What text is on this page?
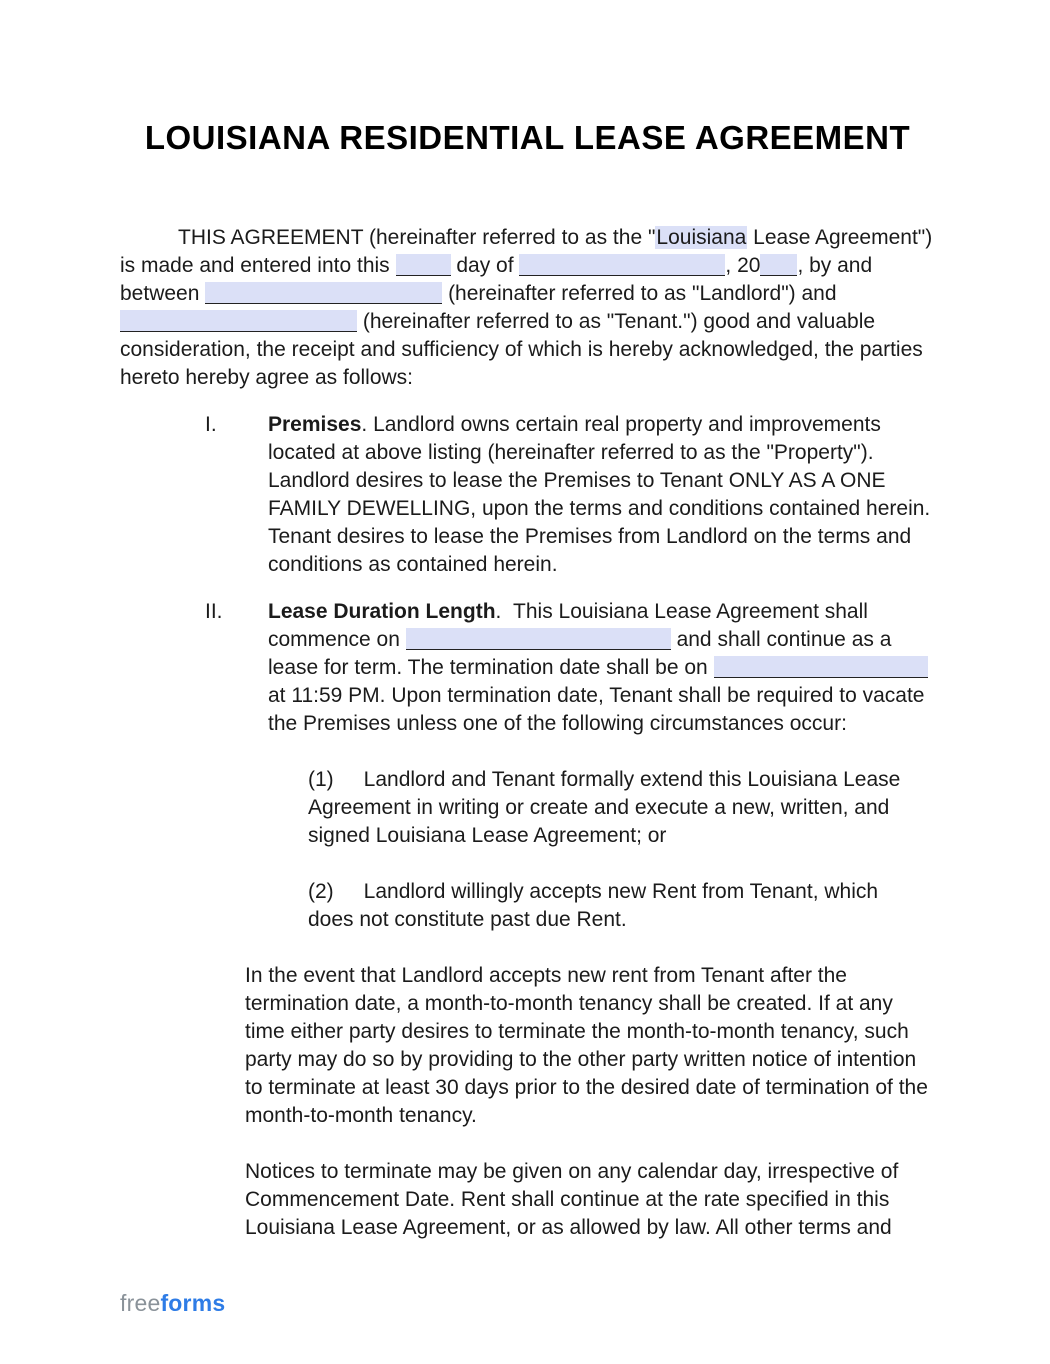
LOUISIANA RESIDENTIAL LEASE AGREEMENT

THIS AGREEMENT (hereinafter referred to as the "Louisiana Lease Agreement") is made and entered into this	day of	, 20 , by and between	(hereinafter referred to as "Landlord") and  (hereinafter referred to as "Tenant.") good and valuable consideration, the receipt and sufficiency of which is hereby acknowledged, the parties hereto hereby agree as follows:

I. Premises. Landlord owns certain real property and improvements located at above listing (hereinafter referred to as the "Property"). Landlord desires to lease the Premises to Tenant ONLY AS A ONE FAMILY DEWELLING, upon the terms and conditions contained herein. Tenant desires to lease the Premises from Landlord on the terms and conditions as contained herein.

II. Lease Duration Length.  This Louisiana Lease Agreement shall commence on	and shall continue as a lease for term. The termination date shall be on  at 11:59 PM. Upon termination date, Tenant shall be required to vacate the Premises unless one of the following circumstances occur:

(1) Landlord and Tenant formally extend this Louisiana Lease Agreement in writing or create and execute a new, written, and signed Louisiana Lease Agreement; or

(2) Landlord willingly accepts new Rent from Tenant, which does not constitute past due Rent.

In the event that Landlord accepts new rent from Tenant after the termination date, a month-to-month tenancy shall be created. If at any time either party desires to terminate the month-to-month tenancy, such party may do so by providing to the other party written notice of intention to terminate at least 30 days prior to the desired date of termination of the month-to-month tenancy.

Notices to terminate may be given on any calendar day, irrespective of Commencement Date. Rent shall continue at the rate specified in this Louisiana Lease Agreement, or as allowed by law. All other terms and

freeforms
